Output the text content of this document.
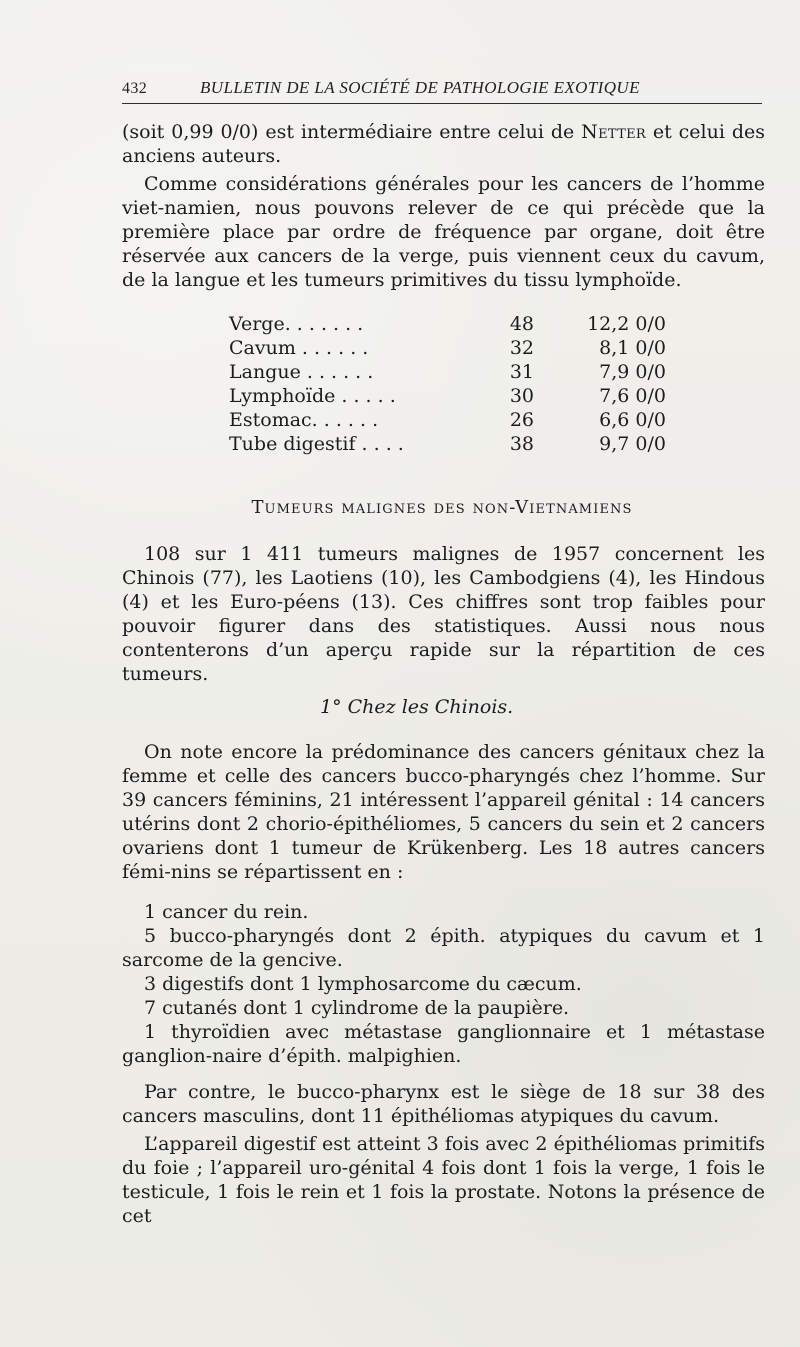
432	BULLETIN DE LA SOCIÉTÉ DE PATHOLOGIE EXOTIQUE
(soit 0,99 0/0) est intermédiaire entre celui de Netter et celui des anciens auteurs.
Comme considérations générales pour les cancers de l’homme viet-namien, nous pouvons relever de ce qui précède que la première place par ordre de fréquence par organe, doit être réservée aux cancers de la verge, puis viennent ceux du cavum, de la langue et les tumeurs primitives du tissu lymphoïde.
Verge. . . . . . .	48	12,2 0/0
Cavum . . . . . .	32	8,1 0/0
Langue . . . . . .	31	7,9 0/0
Lymphoïde . . . . .	30	7,6 0/0
Estomac. . . . . .	26	6,6 0/0
Tube digestif . . . .	38	9,7 0/0
Tumeurs malignes des non-Vietnamiens
108 sur 1 411 tumeurs malignes de 1957 concernent les Chinois (77), les Laotiens (10), les Cambodgiens (4), les Hindous (4) et les Euro-péens (13). Ces chiffres sont trop faibles pour pouvoir figurer dans des statistiques. Aussi nous nous contenterons d’un aperçu rapide sur la répartition de ces tumeurs.
1° Chez les Chinois.
On note encore la prédominance des cancers génitaux chez la femme et celle des cancers bucco-pharyngés chez l’homme. Sur 39 cancers féminins, 21 intéressent l’appareil génital : 14 cancers utérins dont 2 chorio-épithéliomes, 5 cancers du sein et 2 cancers ovariens dont 1 tumeur de Krükenberg. Les 18 autres cancers fémi-nins se répartissent en :

1 cancer du rein.

5 bucco-pharyngés dont 2 épith. atypiques du cavum et 1 sarcome de la gencive.

3 digestifs dont 1 lymphosarcome du cæcum.

7 cutanés dont 1 cylindrome de la paupière.

1 thyroïdien avec métastase ganglionnaire et 1 métastase ganglion-naire d’épith. malpighien.

Par contre, le bucco-pharynx est le siège de 18 sur 38 des cancers masculins, dont 11 épithéliomas atypiques du cavum.
L’appareil digestif est atteint 3 fois avec 2 épithéliomas primitifs du foie ; l’appareil uro-génital 4 fois dont 1 fois la verge, 1 fois le testicule, 1 fois le rein et 1 fois la prostate. Notons la présence de cet
